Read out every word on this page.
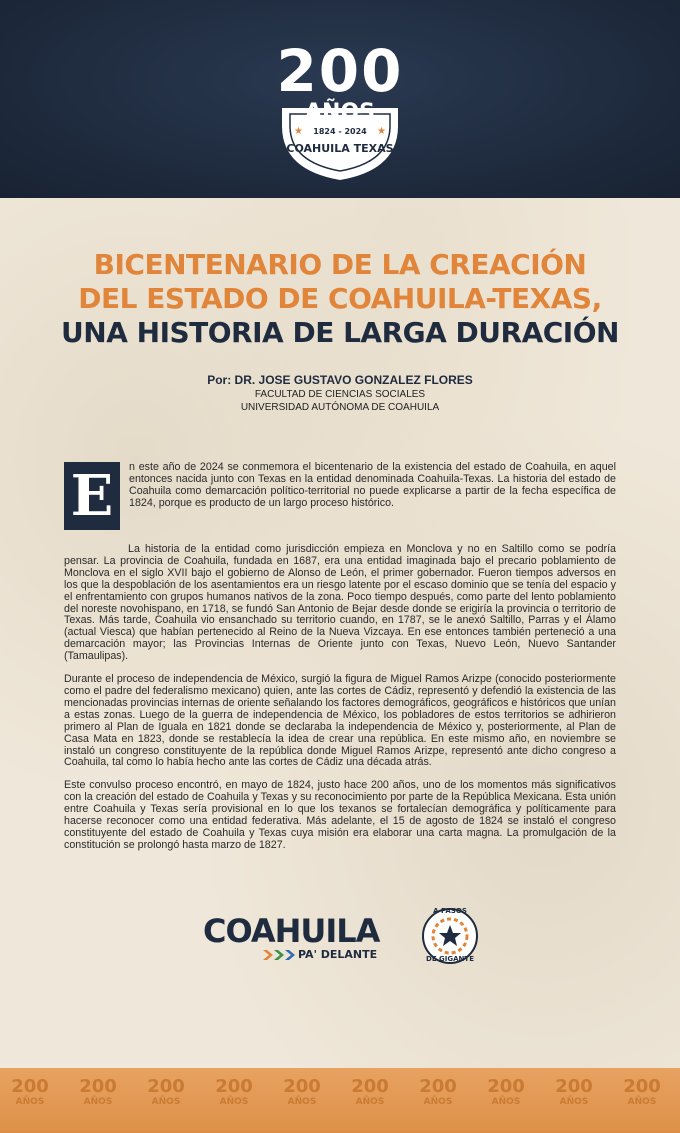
★	★
200
AÑOS
1824 - 2024
COAHUILA TEXAS
BICENTENARIO DE LA CREACIÓN
DEL ESTADO DE COAHUILA-TEXAS,
UNA HISTORIA DE LARGA DURACIÓN
Por: DR. JOSE GUSTAVO GONZALEZ FLORES
FACULTAD DE CIENCIAS SOCIALES
UNIVERSIDAD AUTÓNOMA DE COAHUILA

E	n este año de 2024 se conmemora el bicentenario de la existencia del estado de Coahuila, en aquel entonces nacida junto con Texas en la entidad denominada Coahuila-Texas. La historia del estado de Coahuila como demarcación político-territorial no puede explicarse a partir de la fecha específica de 1824, porque es producto de un largo proceso histórico.

La historia de la entidad como jurisdicción empieza en Monclova y no en Saltillo como se podría pensar. La provincia de Coahuila, fundada en 1687, era una entidad imaginada bajo el precario poblamiento de Monclova en el siglo XVII bajo el gobierno de Alonso de León, el primer gobernador. Fueron tiempos adversos en los que la despoblación de los asentamientos era un riesgo latente por el escaso dominio que se tenía del espacio y el enfrentamiento con grupos humanos nativos de la zona. Poco tiempo después, como parte del lento poblamiento del noreste novohispano, en 1718, se fundó San Antonio de Bejar desde donde se erigiría la provincia o territorio de Texas. Más tarde, Coahuila vio ensanchado su territorio cuando, en 1787, se le anexó Saltillo, Parras y el Álamo (actual Viesca) que habían pertenecido al Reino de la Nueva Vizcaya. En ese entonces también perteneció a una demarcación mayor; las Provincias Internas de Oriente junto con Texas, Nuevo León, Nuevo Santander (Tamaulipas).

Durante el proceso de independencia de México, surgió la figura de Miguel Ramos Arizpe (conocido posteriormente como el padre del federalismo mexicano) quien, ante las cortes de Cádiz, representó y defendió la existencia de las mencionadas provincias internas de oriente señalando los factores demográficos, geográficos e históricos que unían a estas zonas. Luego de la guerra de independencia de México, los pobladores de estos territorios se adhirieron primero al Plan de Iguala en 1821 donde se declaraba la independencia de México y, posteriormente, al Plan de Casa Mata en 1823, donde se restablecía la idea de crear una república. En este mismo año, en noviembre se instaló un congreso constituyente de la república donde Miguel Ramos Arizpe, representó ante dicho congreso a Coahuila, tal como lo había hecho ante las cortes de Cádiz una década atrás.

Este convulso proceso encontró, en mayo de 1824, justo hace 200 años, uno de los momentos más significativos con la creación del estado de Coahuila y Texas y su reconocimiento por parte de la República Mexicana. Esta unión entre Coahuila y Texas sería provisional en lo que los texanos se fortalecían demográfica y políticamente para hacerse reconocer como una entidad federativa. Más adelante, el 15 de agosto de 1824 se instaló el congreso constituyente del estado de Coahuila y Texas cuya misión era elaborar una carta magna. La promulgación de la constitución se prolongó hasta marzo de 1827.

COAHUILA
PA' DELANTE
A PASOS
DE GIGANTE
200
AÑOS
200
AÑOS
200
AÑOS
200
AÑOS
200
AÑOS
200
AÑOS
200
AÑOS
200
AÑOS
200
AÑOS
200
AÑOS
